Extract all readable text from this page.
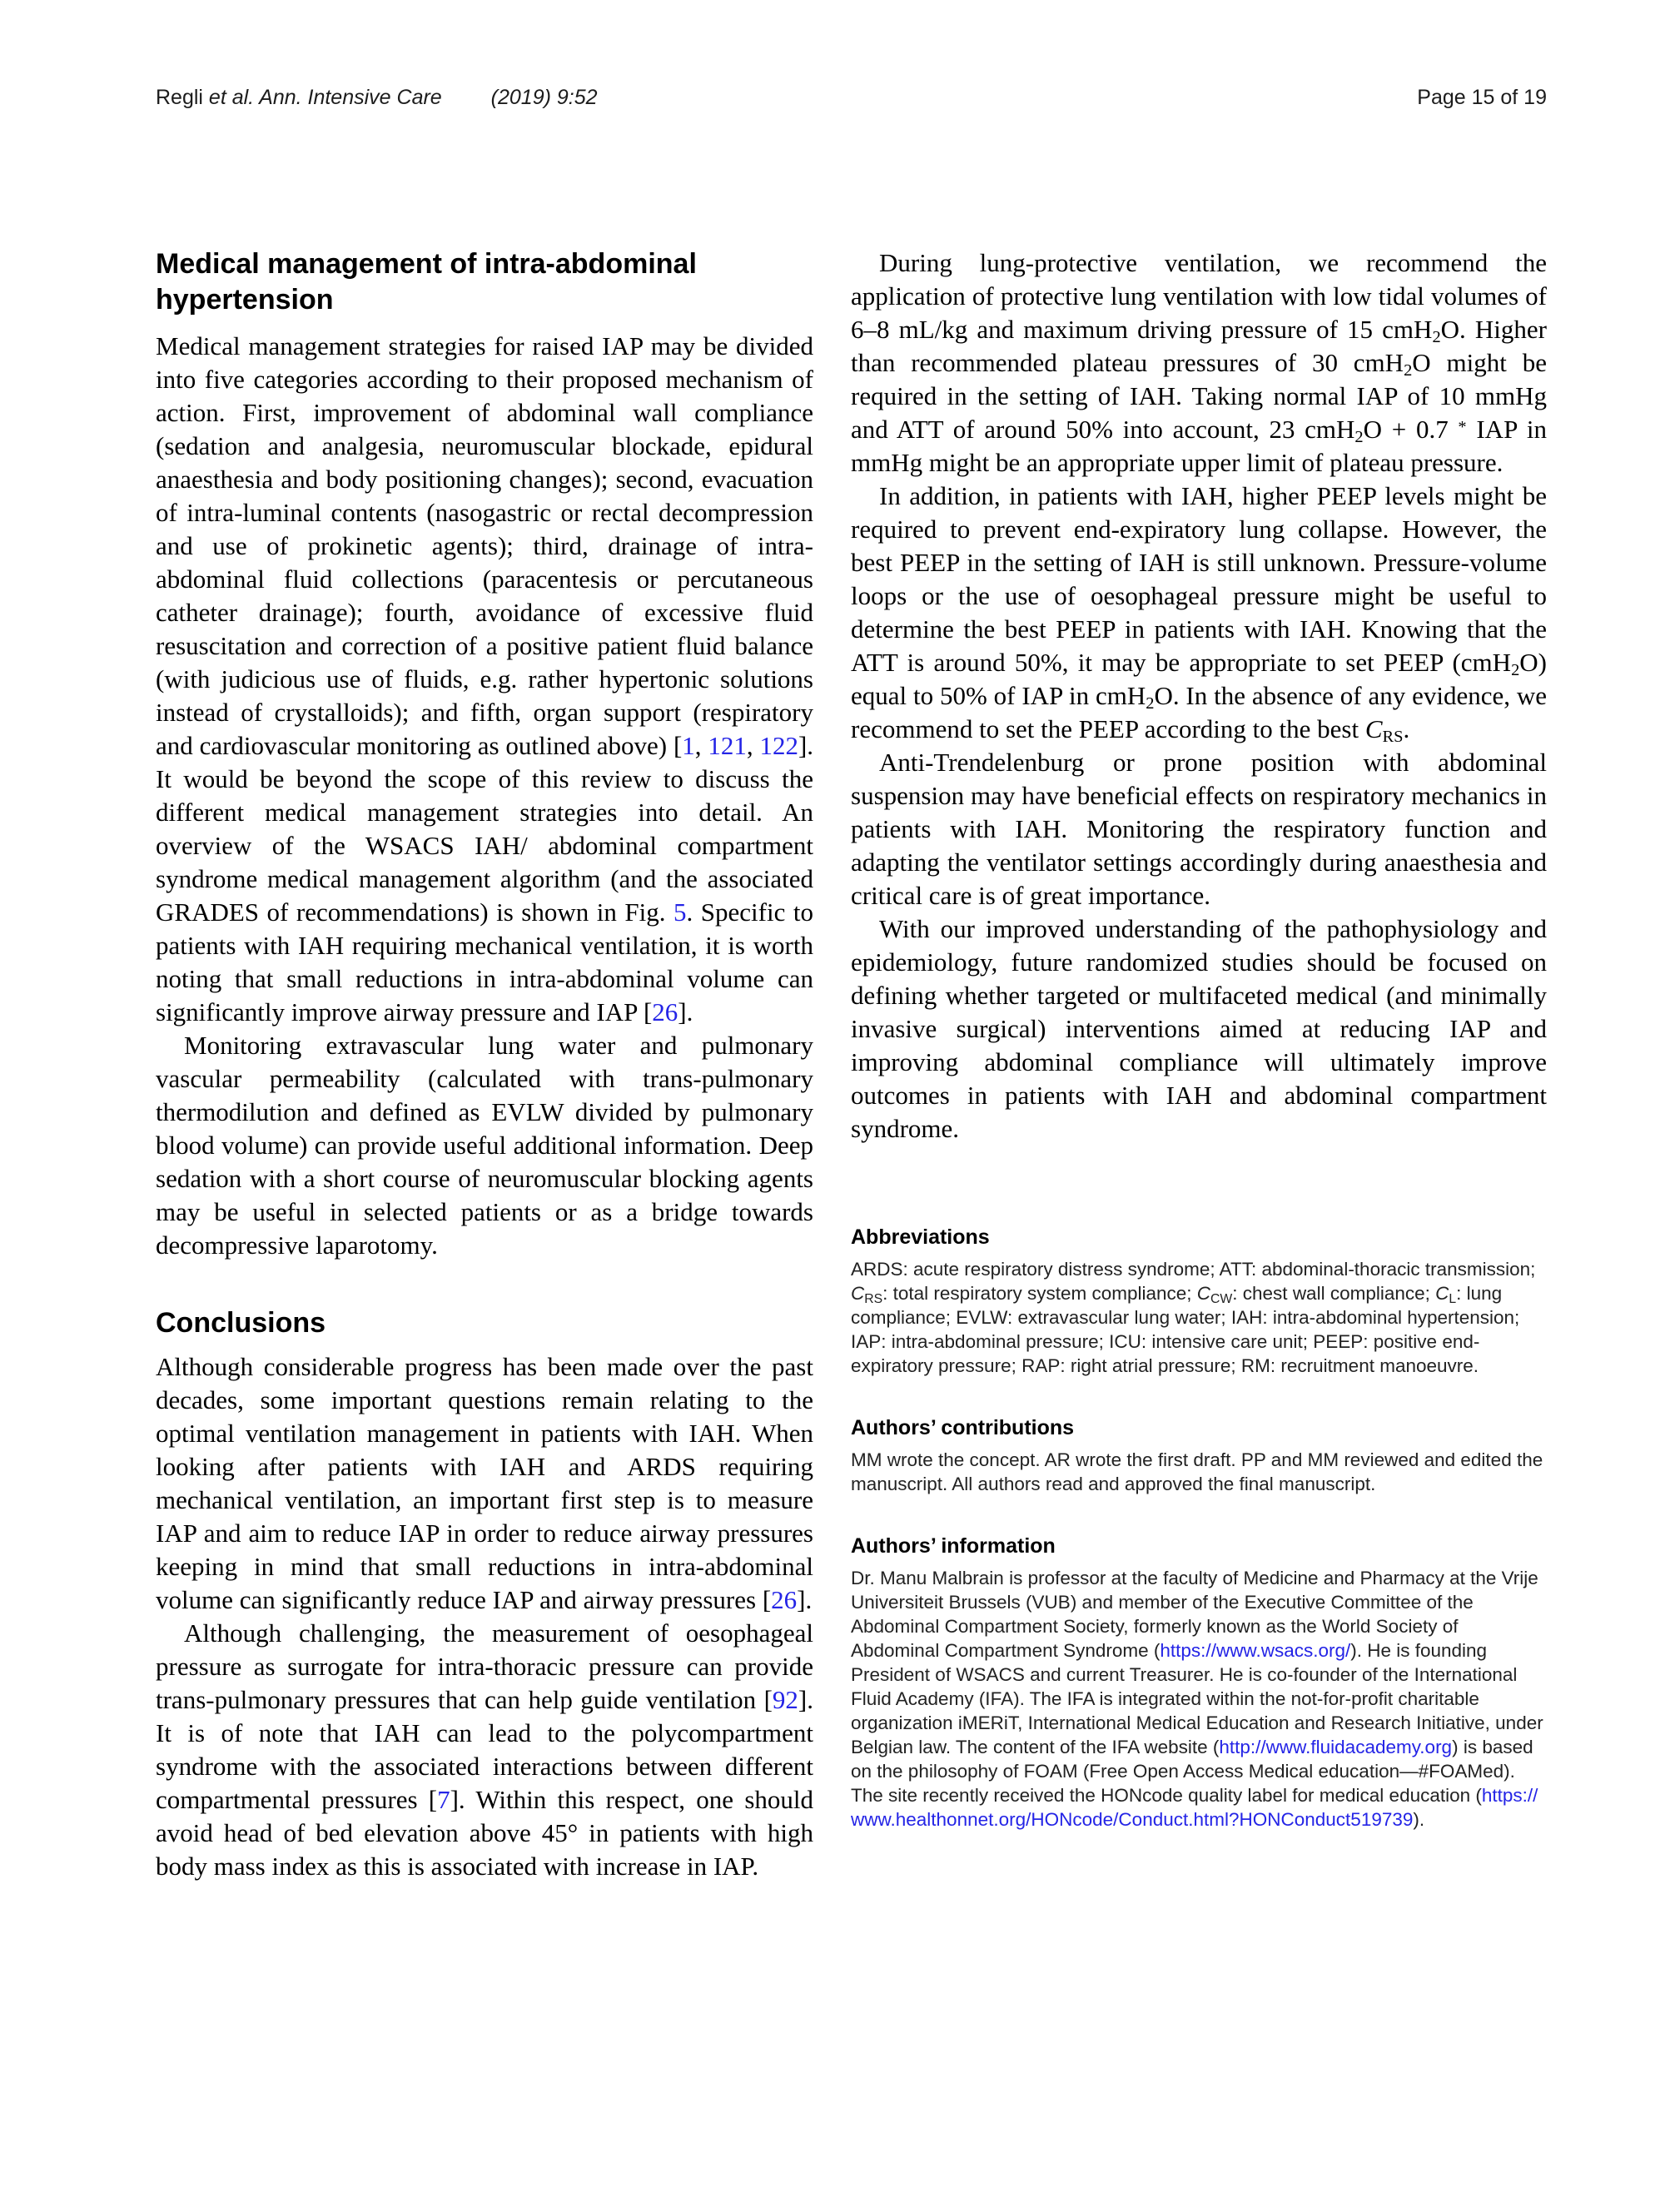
Regli et al. Ann. Intensive Care (2019) 9:52	Page 15 of 19
Medical management of intra-abdominal hypertension

Medical management strategies for raised IAP may be divided into five categories according to their proposed mechanism of action. First, improvement of abdominal wall compliance (sedation and analgesia, neuromuscular blockade, epidural anaesthesia and body positioning changes); second, evacuation of intra-luminal contents (nasogastric or rectal decompression and use of prokinetic agents); third, drainage of intra-abdominal fluid collections (paracentesis or percutaneous catheter drainage); fourth, avoidance of excessive fluid resuscitation and correction of a positive patient fluid balance (with judicious use of fluids, e.g. rather hypertonic solutions instead of crystalloids); and fifth, organ support (respiratory and cardiovascular monitoring as outlined above) [1, 121, 122]. It would be beyond the scope of this review to discuss the different medical management strategies into detail. An overview of the WSACS IAH/ abdominal compartment syndrome medical management algorithm (and the associated GRADES of recommendations) is shown in Fig. 5. Specific to patients with IAH requiring mechanical ventilation, it is worth noting that small reductions in intra-abdominal volume can significantly improve airway pressure and IAP [26].

Monitoring extravascular lung water and pulmonary vascular permeability (calculated with trans-pulmonary thermodilution and defined as EVLW divided by pulmonary blood volume) can provide useful additional information. Deep sedation with a short course of neuromuscular blocking agents may be useful in selected patients or as a bridge towards decompressive laparotomy.

Conclusions

Although considerable progress has been made over the past decades, some important questions remain relating to the optimal ventilation management in patients with IAH. When looking after patients with IAH and ARDS requiring mechanical ventilation, an important first step is to measure IAP and aim to reduce IAP in order to reduce airway pressures keeping in mind that small reductions in intra-abdominal volume can significantly reduce IAP and airway pressures [26].

Although challenging, the measurement of oesophageal pressure as surrogate for intra-thoracic pressure can provide trans-pulmonary pressures that can help guide ventilation [92]. It is of note that IAH can lead to the polycompartment syndrome with the associated interactions between different compartmental pressures [7]. Within this respect, one should avoid head of bed elevation above 45° in patients with high body mass index as this is associated with increase in IAP.

During lung-protective ventilation, we recommend the application of protective lung ventilation with low tidal volumes of 6–8 mL/kg and maximum driving pressure of 15 cmH$_2$O. Higher than recommended plateau pressures of 30 cmH$_2$O might be required in the setting of IAH. Taking normal IAP of 10 mmHg and ATT of around 50% into account, 23 cmH$_2$O + 0.7 * IAP in mmHg might be an appropriate upper limit of plateau pressure.

In addition, in patients with IAH, higher PEEP levels might be required to prevent end-expiratory lung collapse. However, the best PEEP in the setting of IAH is still unknown. Pressure-volume loops or the use of oesophageal pressure might be useful to determine the best PEEP in patients with IAH. Knowing that the ATT is around 50%, it may be appropriate to set PEEP (cmH$_2$O) equal to 50% of IAP in cmH$_2$O. In the absence of any evidence, we recommend to set the PEEP according to the best $C_{RS}$.

Anti-Trendelenburg or prone position with abdominal suspension may have beneficial effects on respiratory mechanics in patients with IAH. Monitoring the respiratory function and adapting the ventilator settings accordingly during anaesthesia and critical care is of great importance.

With our improved understanding of the pathophysiology and epidemiology, future randomized studies should be focused on defining whether targeted or multifaceted medical (and minimally invasive surgical) interventions aimed at reducing IAP and improving abdominal compliance will ultimately improve outcomes in patients with IAH and abdominal compartment syndrome.

Abbreviations

ARDS: acute respiratory distress syndrome; ATT: abdominal-thoracic transmission; $C_{RS}$: total respiratory system compliance; $C_{CW}$: chest wall compliance; $C_L$: lung compliance; EVLW: extravascular lung water; IAH: intra-abdominal hypertension; IAP: intra-abdominal pressure; ICU: intensive care unit; PEEP: positive end-expiratory pressure; RAP: right atrial pressure; RM: recruitment manoeuvre.

Authors’ contributions

MM wrote the concept. AR wrote the first draft. PP and MM reviewed and edited the manuscript. All authors read and approved the final manuscript.

Authors’ information

Dr. Manu Malbrain is professor at the faculty of Medicine and Pharmacy at the Vrije Universiteit Brussels (VUB) and member of the Executive Committee of the Abdominal Compartment Society, formerly known as the World Society of Abdominal Compartment Syndrome (https://www.wsacs.org/). He is founding President of WSACS and current Treasurer. He is co-founder of the International Fluid Academy (IFA). The IFA is integrated within the not-for-profit charitable organization iMERiT, International Medical Education and Research Initiative, under Belgian law. The content of the IFA website (http://www.fluidacademy.org) is based on the philosophy of FOAM (Free Open Access Medical education—#FOAMed). The site recently received the HONcode quality label for medical education (https://www.healthonnet.org/HONcode/Conduct.html?HONConduct519739).
